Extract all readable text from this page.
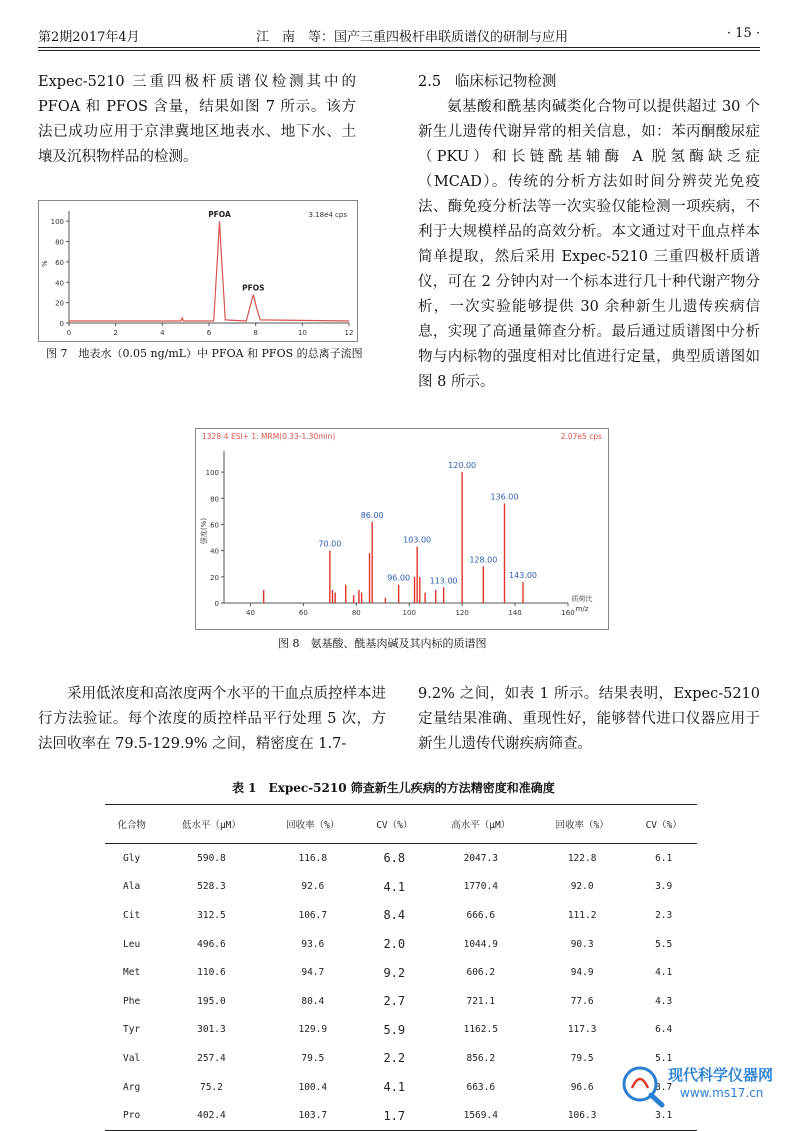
第2期2017年4月	江　南　等：国产三重四极杆串联质谱仪的研制与应用	· 15 ·

Expec-5210 三重四极杆质谱仪检测其中的 PFOA 和 PFOS 含量，结果如图 7 所示。该方法已成功应用于京津冀地区地表水、地下水、土壤及沉积物样品的检测。

0
20
40
60
80
100
0	2	4	6	8	10	12
%
3.18e4 cps
PFOA
PFOS
图 7　地表水（0.05 ng/mL）中 PFOA 和 PFOS 的总离子流图

2.5 临床标记物检测

氨基酸和酰基肉碱类化合物可以提供超过 30 个新生儿遗传代谢异常的相关信息，如：苯丙酮酸尿症（PKU）和长链酰基辅酶 A 脱氢酶缺乏症（MCAD）。传统的分析方法如时间分辨荧光免疫法、酶免疫分析法等一次实验仅能检测一项疾病，不利于大规模样品的高效分析。本文通过对干血点样本简单提取，然后采用 Expec-5210 三重四极杆质谱仪，可在 2 分钟内对一个标本进行几十种代谢产物分析，一次实验能够提供 30 余种新生儿遗传疾病信息，实现了高通量筛查分析。最后通过质谱图中分析物与内标物的强度相对比值进行定量，典型质谱图如图 8 所示。

1328-4 ESI+ 1: MRM(0.33-1.30min)	2.07e5 cps
0
20
40
60
80
100
40	60	80	100	120	140	160
强度(%)
质荷比
m/z
70.00
86.00
96.00
103.00
113.00
120.00
128.00
136.00
143.00
图 8　氨基酸、酰基肉碱及其内标的质谱图

采用低浓度和高浓度两个水平的干血点质控样本进行方法验证。每个浓度的质控样品平行处理 5 次，方法回收率在 79.5-129.9% 之间，精密度在 1.7-

9.2% 之间，如表 1 所示。结果表明，Expec-5210 定量结果准确、重现性好，能够替代进口仪器应用于新生儿遗传代谢疾病筛查。

表 1　Expec-5210 筛查新生儿疾病的方法精密度和准确度
化合物	低水平（μM）	回收率（%）	CV（%）	高水平（μM）	回收率（%）	CV（%）
Gly	590.8	116.8	6.8	2047.3	122.8	6.1
Ala	528.3	92.6	4.1	1770.4	92.0	3.9
Cit	312.5	106.7	8.4	666.6	111.2	2.3
Leu	496.6	93.6	2.0	1044.9	90.3	5.5
Met	110.6	94.7	9.2	606.2	94.9	4.1
Phe	195.0	80.4	2.7	721.1	77.6	4.3
Tyr	301.3	129.9	5.9	1162.5	117.3	6.4
Val	257.4	79.5	2.2	856.2	79.5	5.1
Arg	75.2	100.4	4.1	663.6	96.6	3.7
Pro	402.4	103.7	1.7	1569.4	106.3	3.1
现代科学仪器网
www.ms17.cn
